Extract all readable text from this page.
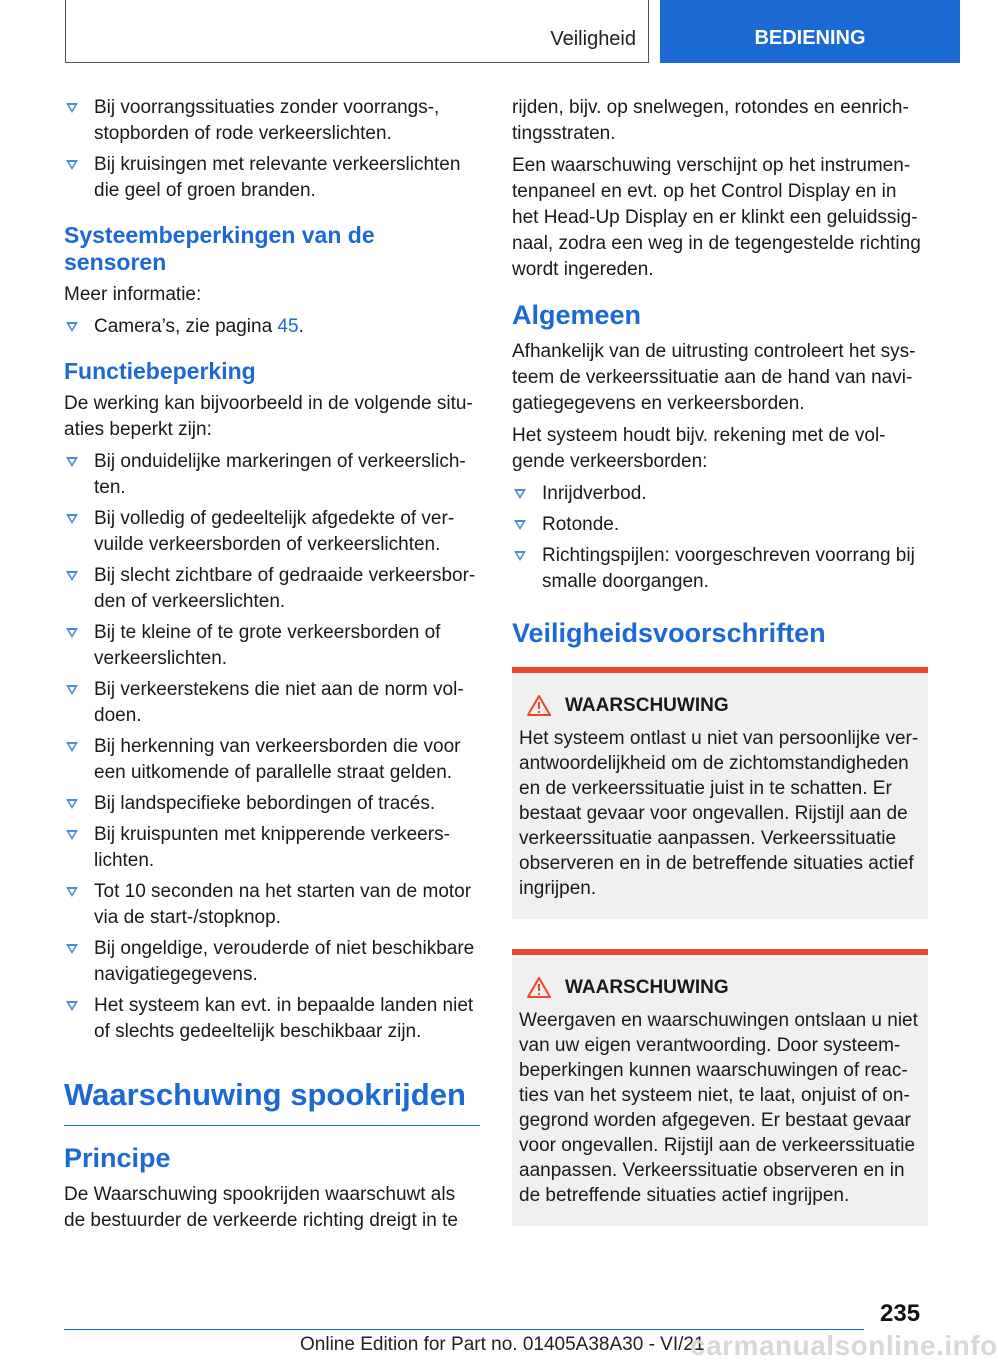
Veiligheid	BEDIENING
Bij voorrangssituaties zonder voorrangs-, stopborden of rode verkeerslichten.
Bij kruisingen met relevante verkeerslichten die geel of groen branden.
Systeembeperkingen van de sensoren

Meer informatie:

Camera’s, zie pagina 45.
Functiebeperking

De werking kan bijvoorbeeld in de volgende situaties beperkt zijn:

Bij onduidelijke markeringen of verkeerslichten.
Bij volledig of gedeeltelijk afgedekte of vervuilde verkeersborden of verkeerslichten.
Bij slecht zichtbare of gedraaide verkeersborden of verkeerslichten.
Bij te kleine of te grote verkeersborden of verkeerslichten.
Bij verkeerstekens die niet aan de norm voldoen.
Bij herkenning van verkeersborden die voor een uitkomende of parallelle straat gelden.
Bij landspecifieke bebordingen of tracés.
Bij kruispunten met knipperende verkeerslichten.
Tot 10 seconden na het starten van de motor via de start-/stopknop.
Bij ongeldige, verouderde of niet beschikbare navigatiegegevens.
Het systeem kan evt. in bepaalde landen niet of slechts gedeeltelijk beschikbaar zijn.
Waarschuwing spookrijden
Principe

De Waarschuwing spookrijden waarschuwt als de bestuurder de verkeerde richting dreigt in te

rijden, bijv. op snelwegen, rotondes en eenrichtingsstraten.

Een waarschuwing verschijnt op het instrumentenpaneel en evt. op het Control Display en in het Head-Up Display en er klinkt een geluidssignaal, zodra een weg in de tegengestelde richting wordt ingereden.

Algemeen

Afhankelijk van de uitrusting controleert het systeem de verkeerssituatie aan de hand van navigatiegegevens en verkeersborden.

Het systeem houdt bijv. rekening met de volgende verkeersborden:

Inrijdverbod.
Rotonde.
Richtingspijlen: voorgeschreven voorrang bij smalle doorgangen.
Veiligheidsvoorschriften
WAARSCHUWING
Het systeem ontlast u niet van persoonlijke verantwoordelijkheid om de zichtomstandigheden en de verkeerssituatie juist in te schatten. Er bestaat gevaar voor ongevallen. Rijstijl aan de verkeerssituatie aanpassen. Verkeerssituatie observeren en in de betreffende situaties actief ingrijpen.
WAARSCHUWING
Weergaven en waarschuwingen ontslaan u niet van uw eigen verantwoording. Door systeembeperkingen kunnen waarschuwingen of reacties van het systeem niet, te laat, onjuist of ongegrond worden afgegeven. Er bestaat gevaar voor ongevallen. Rijstijl aan de verkeerssituatie aanpassen. Verkeerssituatie observeren en in de betreffende situaties actief ingrijpen.
235
Online Edition for Part no. 01405A38A30 - VI/21
carmanualsonline.info
